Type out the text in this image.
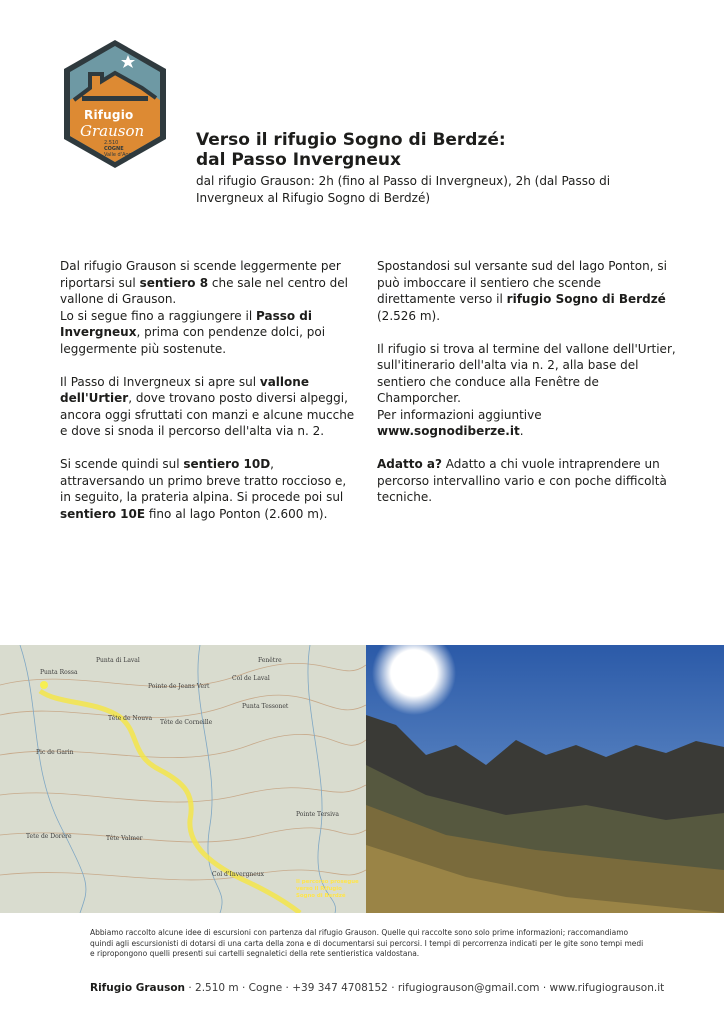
Rifugio
Grauson
2.510
COGNE
Valle d'Aosta
Verso il rifugio Sogno di Berdzé:
dal Passo Invergneux

dal rifugio Grauson: 2h (fino al Passo di Invergneux), 2h (dal Passo di Invergneux al Rifugio Sogno di Berdzé)

Dal rifugio Grauson si scende leggermente per riportarsi sul sentiero 8 che sale nel centro del vallone di Grauson.
Lo si segue fino a raggiungere il Passo di Invergneux, prima con pendenze dolci, poi leggermente più sostenute.

Il Passo di Invergneux si apre sul vallone dell'Urtier, dove trovano posto diversi alpeggi, ancora oggi sfruttati con manzi e alcune mucche e dove si snoda il percorso dell'alta via n. 2.

Si scende quindi sul sentiero 10D, attraversando un primo breve tratto roccioso e, in seguito, la prateria alpina. Si procede poi sul sentiero 10E fino al lago Ponton (2.600 m).

Spostandosi sul versante sud del lago Ponton, si può imboccare il sentiero che scende direttamente verso il rifugio Sogno di Berdzé (2.526 m).

Il rifugio si trova al termine del vallone dell'Urtier, sull'itinerario dell'alta via n. 2, alla base del sentiero che conduce alla Fenêtre de Champorcher.
Per informazioni aggiuntive www.sognodiberze.it.

Adatto a? Adatto a chi vuole intraprendere un percorso intervallino vario e con poche difficoltà tecniche.

Punta Rossa
Punta di Laval
Tête de Nouva
Punta Tessonet
Tête de Corneille
Pointe Tersiva
Pointe de Jeans Vert
Fenêtre
Col d'Invergneux
Col de Laval
Tête Valmer
Tete de Dorère
Pic de Garin
Il percorso prosegue verso il Rifugio Sogno di Berdzé

Abbiamo raccolto alcune idee di escursioni con partenza dal rifugio Grauson. Quelle qui raccolte sono solo prime informazioni; raccomandiamo quindi agli escursionisti di dotarsi di una carta della zona e di documentarsi sui percorsi. I tempi di percorrenza indicati per le gite sono tempi medi e ripropongono quelli presenti sui cartelli segnaletici della rete sentieristica valdostana.

Rifugio Grauson · 2.510 m · Cogne · +39 347 4708152 · rifugiograuson@gmail.com · www.rifugiograuson.it
